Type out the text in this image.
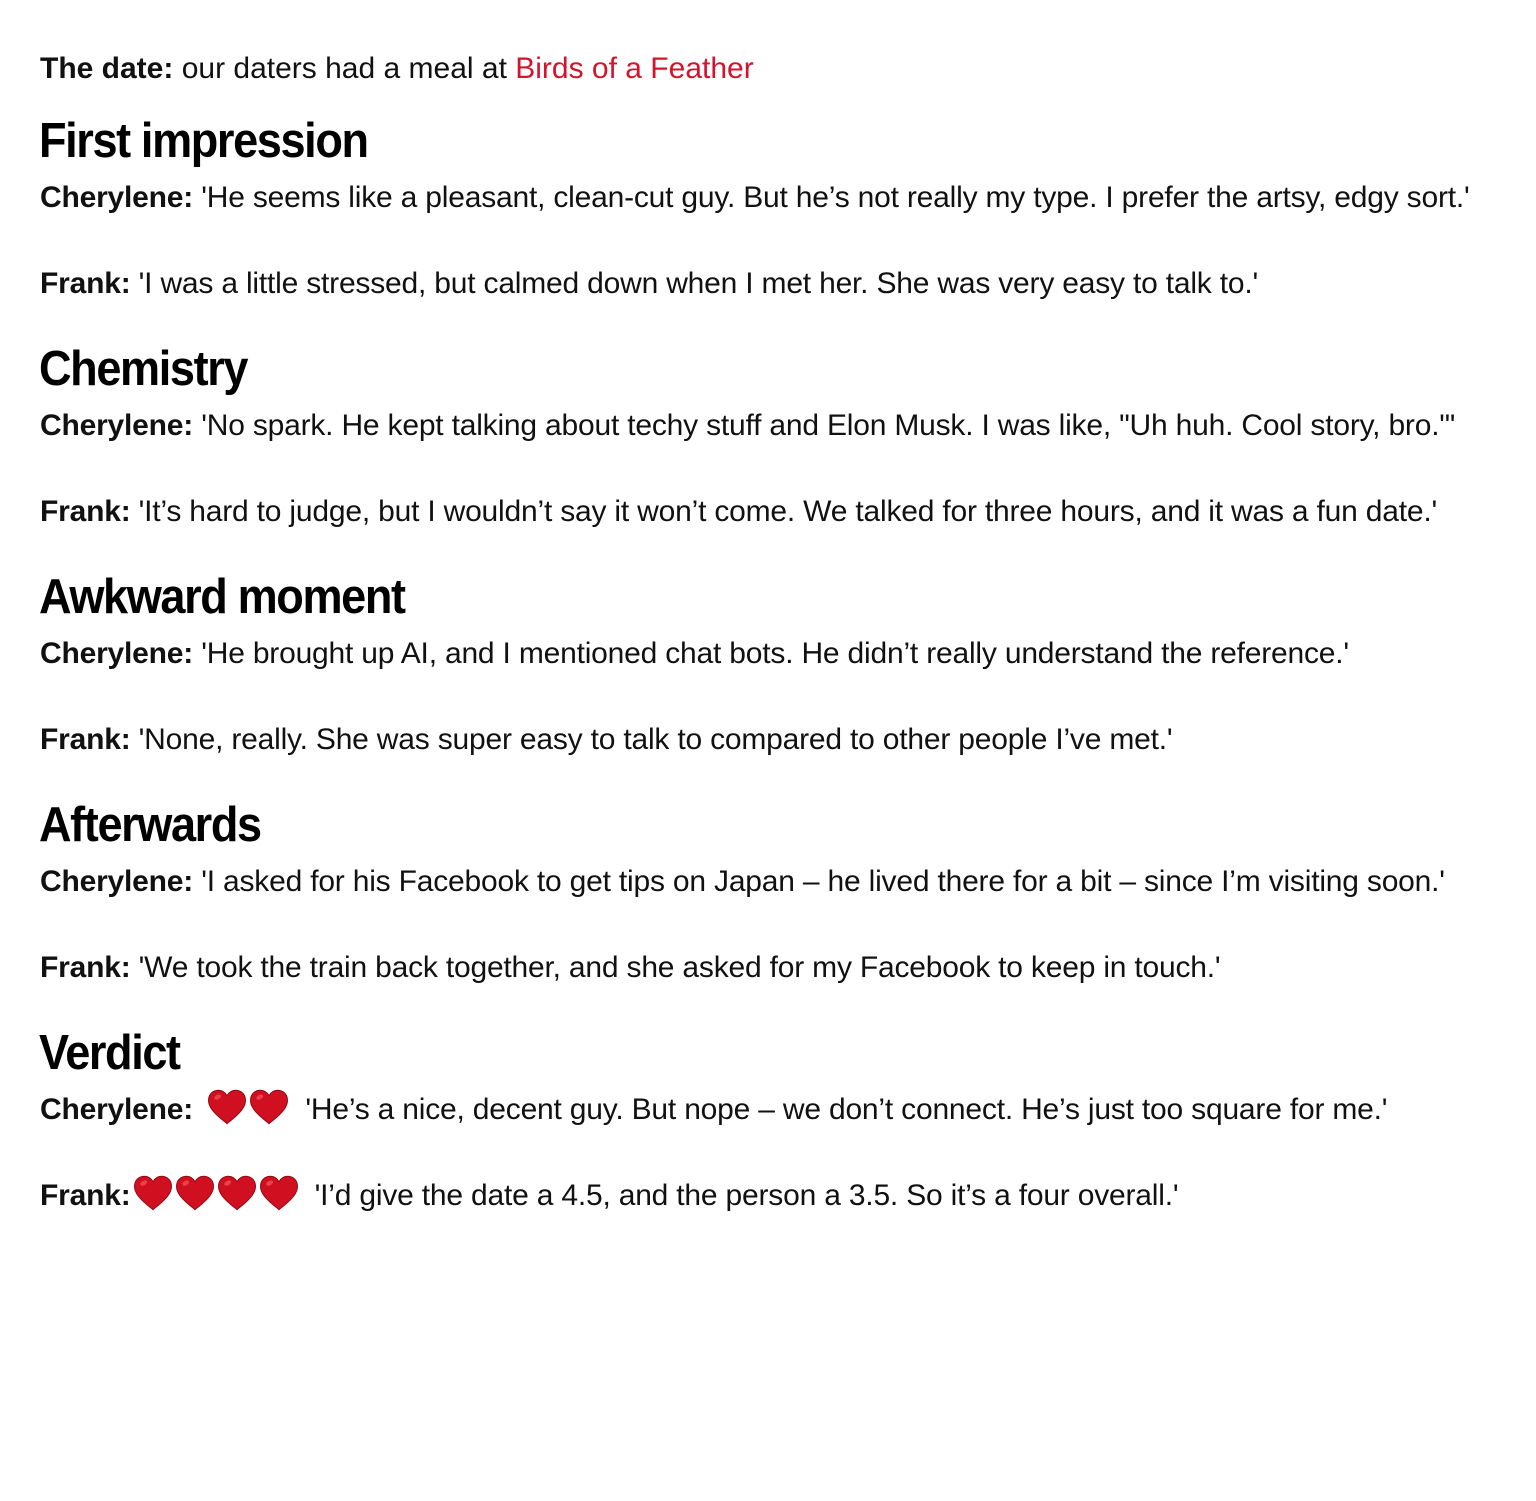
The date: our daters had a meal at Birds of a Feather

First impression

Cherylene: 'He seems like a pleasant, clean-cut guy. But he’s not really my type. I prefer the artsy, edgy sort.'

Frank: 'I was a little stressed, but calmed down when I met her. She was very easy to talk to.'

Chemistry

Cherylene: 'No spark. He kept talking about techy stuff and Elon Musk. I was like, "Uh huh. Cool story, bro."'

Frank: 'It’s hard to judge, but I wouldn’t say it won’t come. We talked for three hours, and it was a fun date.'

Awkward moment

Cherylene: 'He brought up AI, and I mentioned chat bots. He didn’t really understand the reference.'

Frank: 'None, really. She was super easy to talk to compared to other people I’ve met.'

Afterwards

Cherylene: 'I asked for his Facebook to get tips on Japan – he lived there for a bit – since I’m visiting soon.'

Frank: 'We took the train back together, and she asked for my Facebook to keep in touch.'

Verdict

Cherylene:	'He’s a nice, decent guy. But nope – we don’t connect. He’s just too square for me.'

Frank:	'I’d give the date a 4.5, and the person a 3.5. So it’s a four overall.'
